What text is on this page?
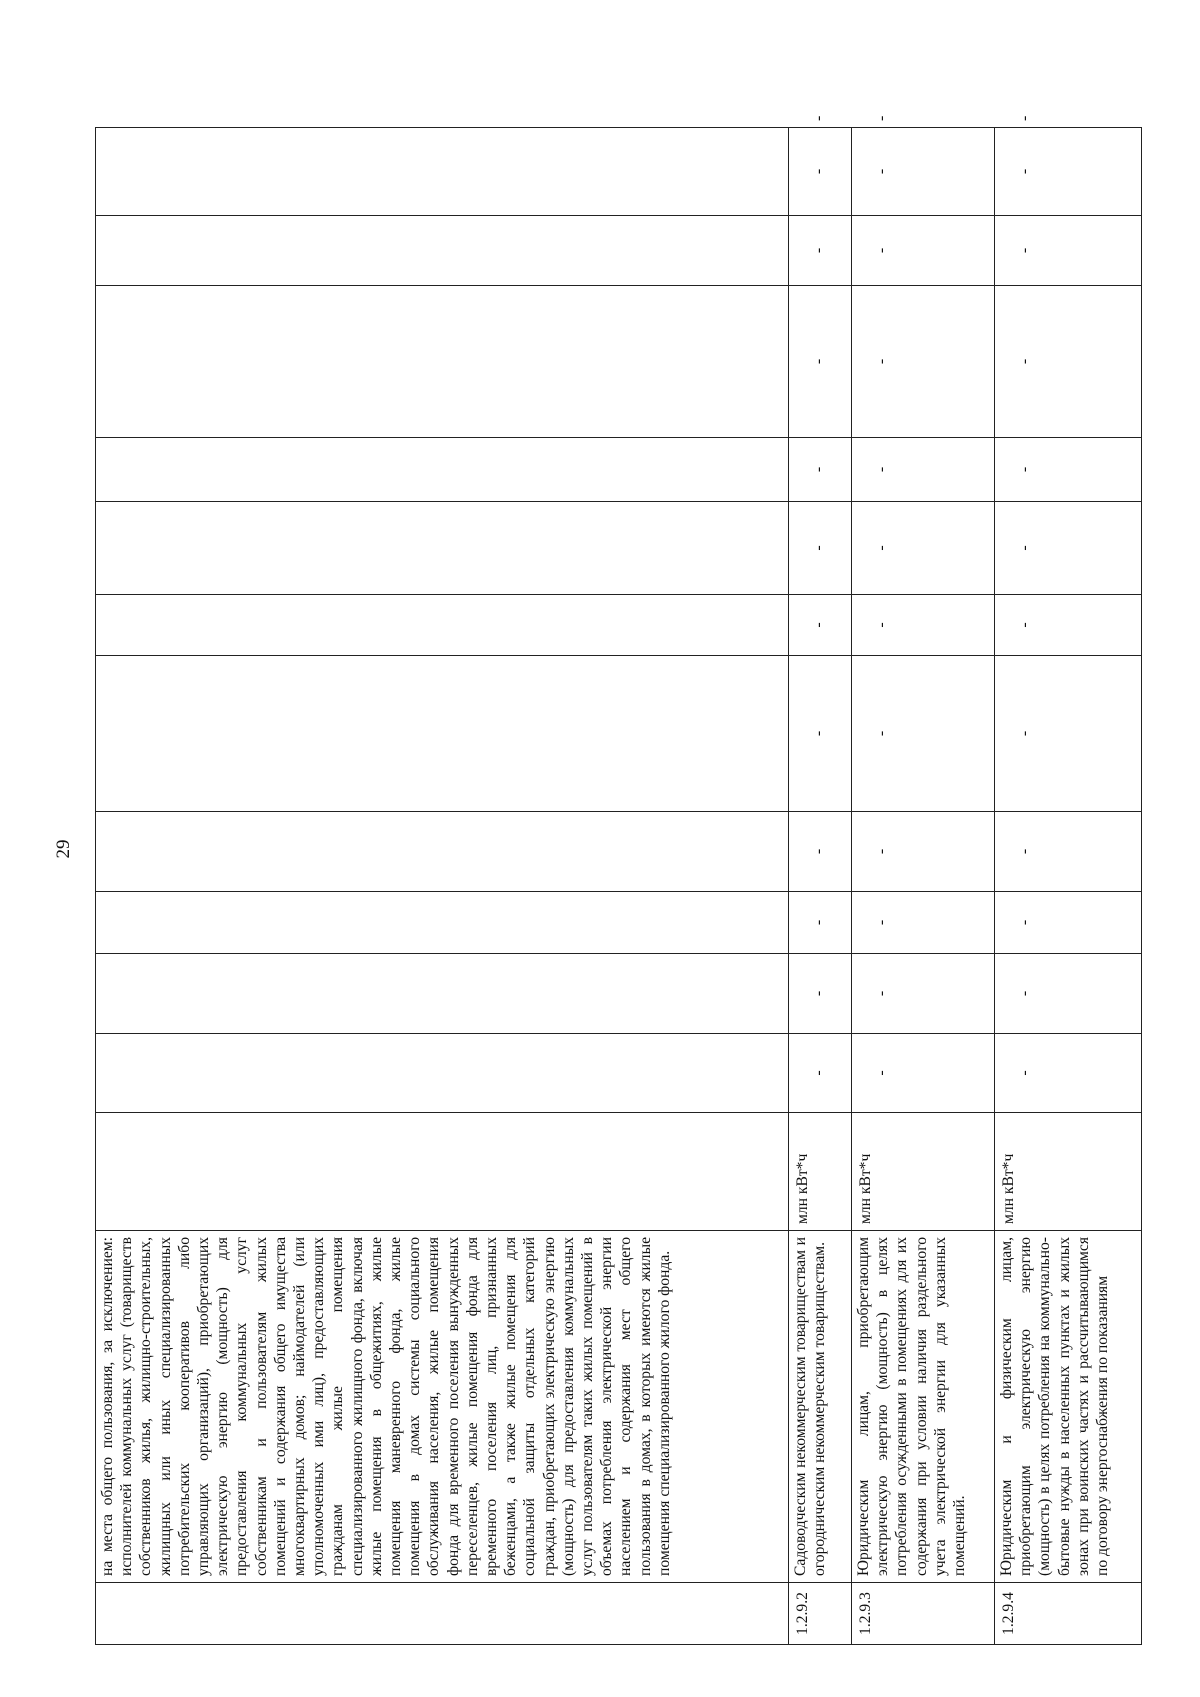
29
	на места общего пользования, за исключением: исполнителей коммунальных услуг (товариществ собственников жилья, жилищно-строительных, жилищных или иных специализированных потребительских кооперативов либо управляющих организаций), приобретающих электрическую энергию (мощность) для предоставления коммунальных услуг собственникам и пользователям жилых помещений и содержания общего имущества многоквартирных домов; наймодателей (или уполномоченных ими лиц), предоставляющих гражданам жилые помещения специализированного жилищного фонда, включая жилые помещения в общежитиях, жилые помещения маневренного фонда, жилые помещения в домах системы социального обслуживания населения, жилые помещения фонда для временного поселения вынужденных переселенцев, жилые помещения фонда для временного поселения лиц, признанных беженцами, а также жилые помещения для социальной защиты отдельных категорий граждан, приобретающих электрическую энергию (мощность) для предоставления коммунальных услуг пользователям таких жилых помещений в объемах потребления электрической энергии населением и содержания мест общего пользования в домах, в которых имеются жилые помещения специализированного жилого фонда.													
1.2.9.2	Садоводческим некоммерческим товариществам и огородническим некоммерческим товариществам.	млн кВт*ч	-	-	-	-	-	-	-	-	-	-	-	-
1.2.9.3	Юридическим лицам, приобретающим электрическую энергию (мощность) в целях потребления осужденными в помещениях для их содержания при условии наличия раздельного учета электрической энергии для указанных помещений.	млн кВт*ч	-	-	-	-	-	-	-	-	-	-	-	-
1.2.9.4	Юридическим и физическим лицам, приобретающим электрическую энергию (мощность) в целях потребления на коммунально-бытовые нужды в населенных пунктах и жилых зонах при воинских частях и рассчитывающимся по договору энергоснабжения по показаниям	млн кВт*ч	-	-	-	-	-	-	-	-	-	-	-	-
